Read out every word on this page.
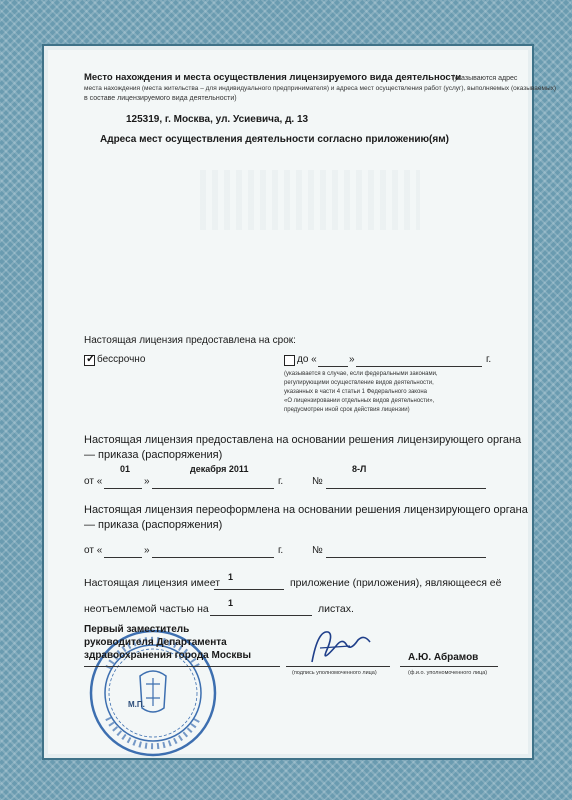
Место нахождения и места осуществления лицензируемого вида деятельности
(указываются адрес
места нахождения (места жительства – для индивидуального предпринимателя) и адреса мест осуществления работ (услуг), выполняемых (оказываемых)
в составе лицензируемого вида деятельности)
125319, г. Москва, ул. Усиевича, д. 13
Адреса мест осуществления деятельности согласно приложению(ям)
Настоящая лицензия предоставлена на срок:
✓ бессрочно	до «	»	г.
(указывается в случае, если федеральными законами,
регулирующими осуществление видов деятельности,
указанных в части 4 статьи 1 Федерального закона
«О лицензировании отдельных видов деятельности»,
предусмотрен иной срок действия лицензии)
Настоящая лицензия предоставлена на основании решения лицензирующего органа
— приказа (распоряжения)
01	декабря 2011	8-Л
от «	»	г.	№
Настоящая лицензия переоформлена на основании решения лицензирующего органа
— приказа (распоряжения)
от «	»	г.	№
Настоящая лицензия имеет 1	приложение (приложения), являющееся её
неотъемлемой частью на 1	листах.
М.П.
Первый заместитель
руководителя Департамента
здравоохранения города Москвы
(подпись уполномоченного лица)
А.Ю. Абрамов
(ф.и.о. уполномоченного лица)
